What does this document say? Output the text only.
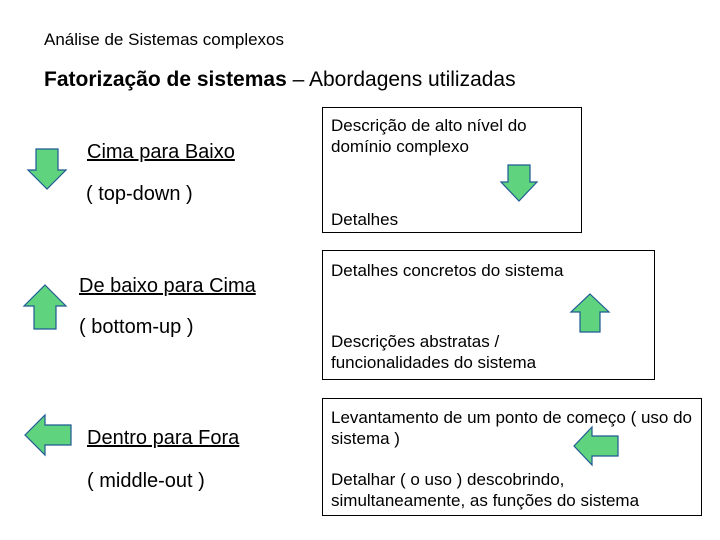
Análise de Sistemas complexos
Fatorização de sistemas – Abordagens utilizadas
Cima para Baixo
( top-down )
Descrição de alto nível do domínio complexo
Detalhes
De baixo para Cima
( bottom-up )
Detalhes concretos do sistema
Descrições abstratas / funcionalidades do sistema
Dentro para Fora
( middle-out )
Levantamento de um ponto de começo ( uso do sistema )
Detalhar ( o uso ) descobrindo, simultaneamente, as funções do sistema
